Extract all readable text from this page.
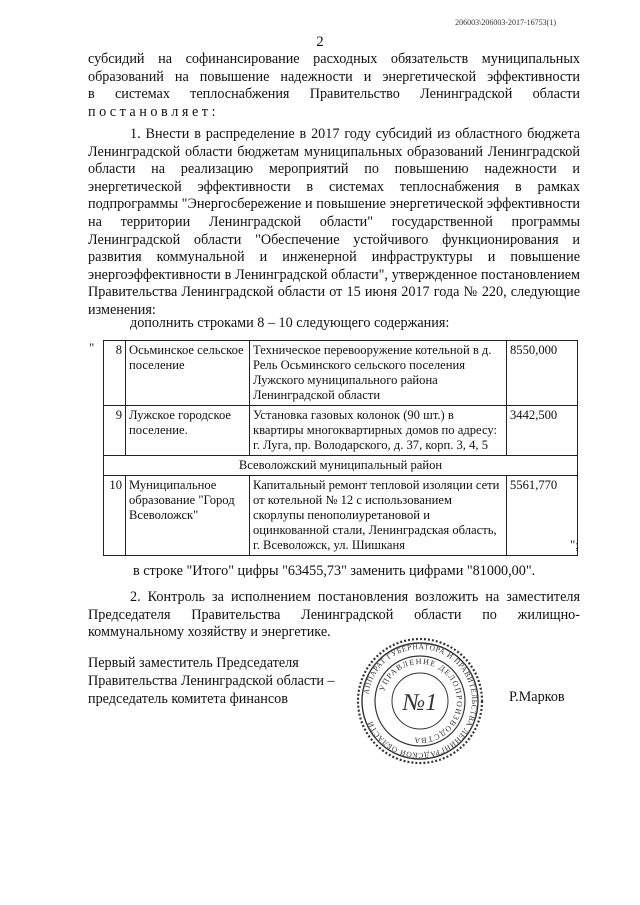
206003\206003-2017-16753(1)
2
субсидий на софинансирование расходных обязательств муниципальных
образований на повышение надежности и энергетической эффективности
в системах теплоснабжения Правительство Ленинградской области
п о с т а н о в л я е т :
1. Внести в распределение в 2017 году субсидий из областного бюджета Ленинградской области бюджетам муниципальных образований Ленинградской области на реализацию мероприятий по повышению надежности и энергетической эффективности в системах теплоснабжения в рамках подпрограммы "Энергосбережение и повышение энергетической эффективности на территории Ленинградской области" государственной программы Ленинградской области "Обеспечение устойчивого функционирования и развития коммунальной и инженерной инфраструктуры и повышение энергоэффективности в Ленинградской области", утвержденное постановлением Правительства Ленинградской области от 15 июня 2017 года № 220, следующие изменения:
дополнить строками 8 – 10 следующего содержания:
" 8	Осьминское сельское поселение	Техническое перевооружение котельной в д. Рель Осьминского сельского поселения Лужского муниципального района Ленинградской области	8550,000
9	Лужское городское поселение.	Установка газовых колонок (90 шт.) в квартиры многоквартирных домов по адресу: г. Луга, пр. Володарского, д. 37, корп. 3, 4, 5	3442,500
Всеволожский муниципальный район			
10	Муниципальное образование "Город Всеволожск"	Капитальный ремонт тепловой изоляции сети от котельной № 12 с использованием скорлупы пенополиуретановой и оцинкованной стали, Ленинградская область, г. Всеволожск, ул. Шишканя	5561,770
";
в строке "Итого" цифры "63455,73" заменить цифрами "81000,00".
2. Контроль за исполнением постановления возложить на заместителя Председателя Правительства Ленинградской области по жилищно-коммунальному хозяйству и энергетике.
Первый заместитель Председателя
Правительства Ленинградской области –
председатель комитета финансов	АППАРАТ ГУБЕРНАТОРА И ПРАВИТЕЛЬСТВА ЛЕНИНГРАДСКОЙ ОБЛАСТИ
УПРАВЛЕНИЕ ДЕЛОПРОИЗВОДСТВА
№1	Р.Марков
